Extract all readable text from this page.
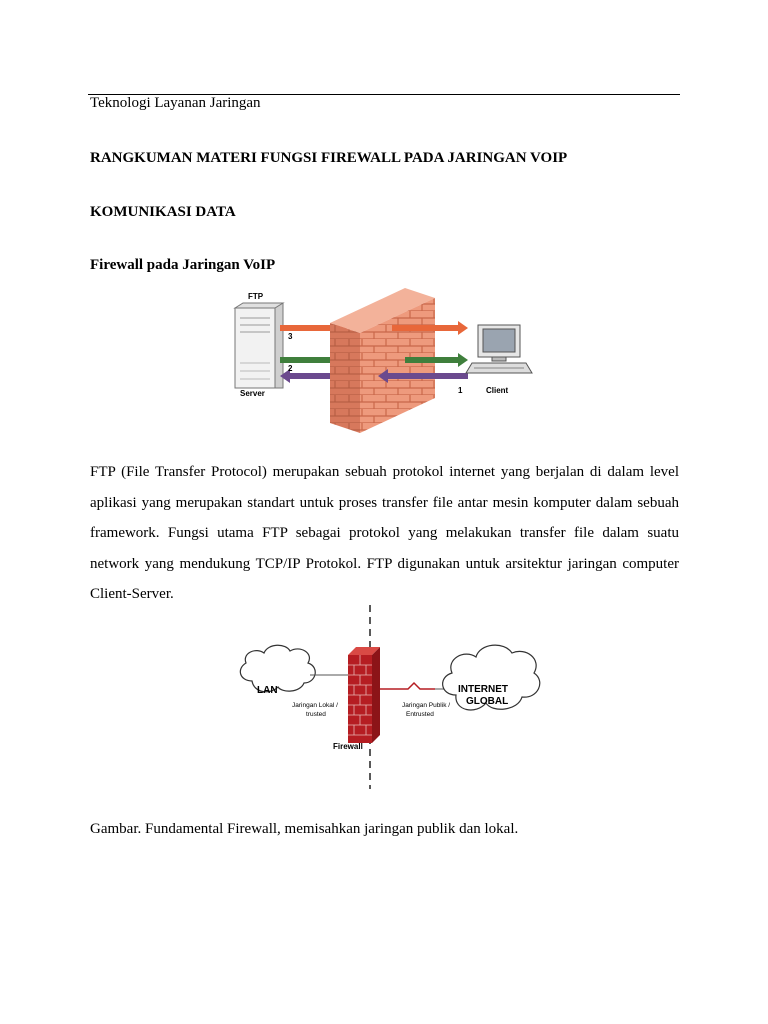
Teknologi Layanan Jaringan
RANGKUMAN MATERI FUNGSI FIREWALL PADA JARINGAN VOIP
KOMUNIKASI DATA
Firewall pada Jaringan VoIP
FTP
Server
3
2
1	Client
FTP (File Transfer Protocol) merupakan sebuah protokol internet yang berjalan di dalam level aplikasi yang merupakan standart untuk proses transfer file antar mesin komputer dalam sebuah framework. Fungsi utama FTP sebagai protokol yang melakukan transfer file dalam suatu network yang mendukung TCP/IP Protokol. FTP digunakan untuk arsitektur jaringan computer Client-Server.
LAN
Jaringan Lokal /
trusted
Jaringan Publik /
Entrusted
Firewall
INTERNET
GLOBAL
Gambar. Fundamental Firewall, memisahkan jaringan publik dan lokal.
